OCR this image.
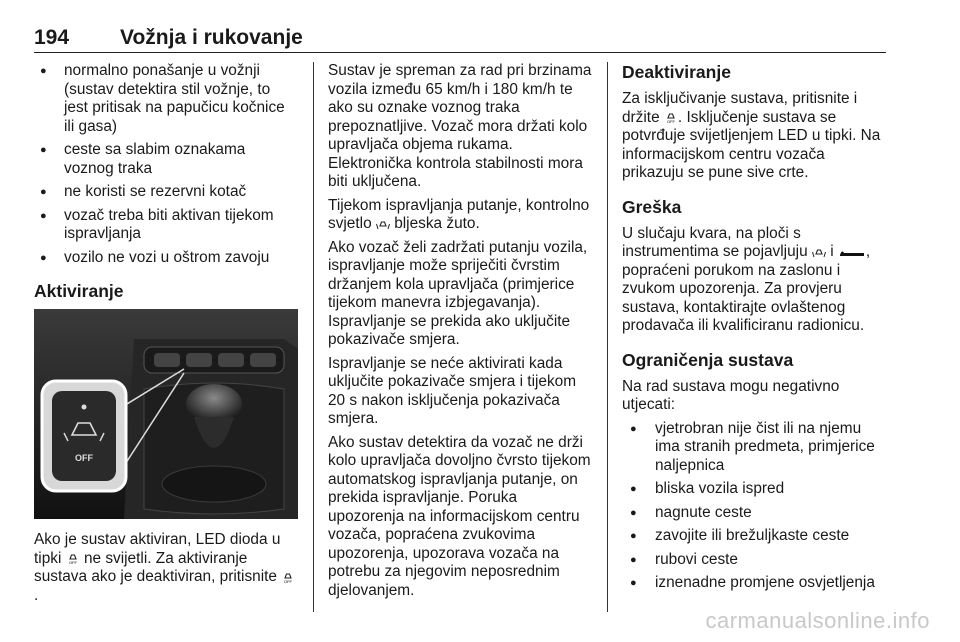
194	Vožnja i rukovanje
● normalno ponašanje u vožnji (sustav detektira stil vožnje, to jest pritisak na papučicu kočnice ili gasa)
● ceste sa slabim oznakama voznog traka
● ne koristi se rezervni kotač
● vozač treba biti aktivan tijekom ispravljanja
● vozilo ne vozi u oštrom zavoju
Aktiviranje
OFF

Ako je sustav aktiviran, LED dioda u tipki OFF ne svijetli. Za aktiviranje sustava ako je deaktiviran, pritisnite OFF
.

Sustav je spreman za rad pri brzinama vozila između 65 km/h i 180 km/h te ako su oznake voznog traka prepoznatljive. Vozač mora držati kolo upravljača objema rukama. Elektronička kontrola stabilnosti mora biti uključena.

Tijekom ispravljanja putanje, kontrolno svjetlo bljeska žuto.

Ako vozač želi zadržati putanju vozila, ispravljanje može spriječiti čvrstim držanjem kola upravljača (primjerice tijekom manevra izbjegavanja). Ispravljanje se prekida ako uključite pokazivače smjera.

Ispravljanje se neće aktivirati kada uključite pokazivače smjera i tijekom 20 s nakon isključenja pokazivača smjera.

Ako sustav detektira da vozač ne drži kolo upravljača dovoljno čvrsto tijekom automatskog ispravljanja putanje, on prekida ispravljanje. Poruka upozorenja na informacijskom centru vozača, popraćena zvukovima upozorenja, upozorava vozača na potrebu za njegovim neposrednim djelovanjem.

Deaktiviranje

Za isključivanje sustava, pritisnite i držite OFF . Isključenje sustava se potvrđuje svijetljenjem LED u tipki. Na informacijskom centru vozača prikazuju se pune sive crte.

Greška

U slučaju kvara, na ploči s instrumentima se pojavljuju i , popraćeni porukom na zaslonu i zvukom upozorenja. Za provjeru sustava, kontaktirajte ovlaštenog prodavača ili kvalificiranu radionicu.

Ograničenja sustava

Na rad sustava mogu negativno utjecati:

● vjetrobran nije čist ili na njemu ima stranih predmeta, primjerice naljepnica
● bliska vozila ispred
● nagnute ceste
● zavojite ili brežuljkaste ceste
● rubovi ceste
● iznenadne promjene osvjetljenja
carmanualsonline.info
